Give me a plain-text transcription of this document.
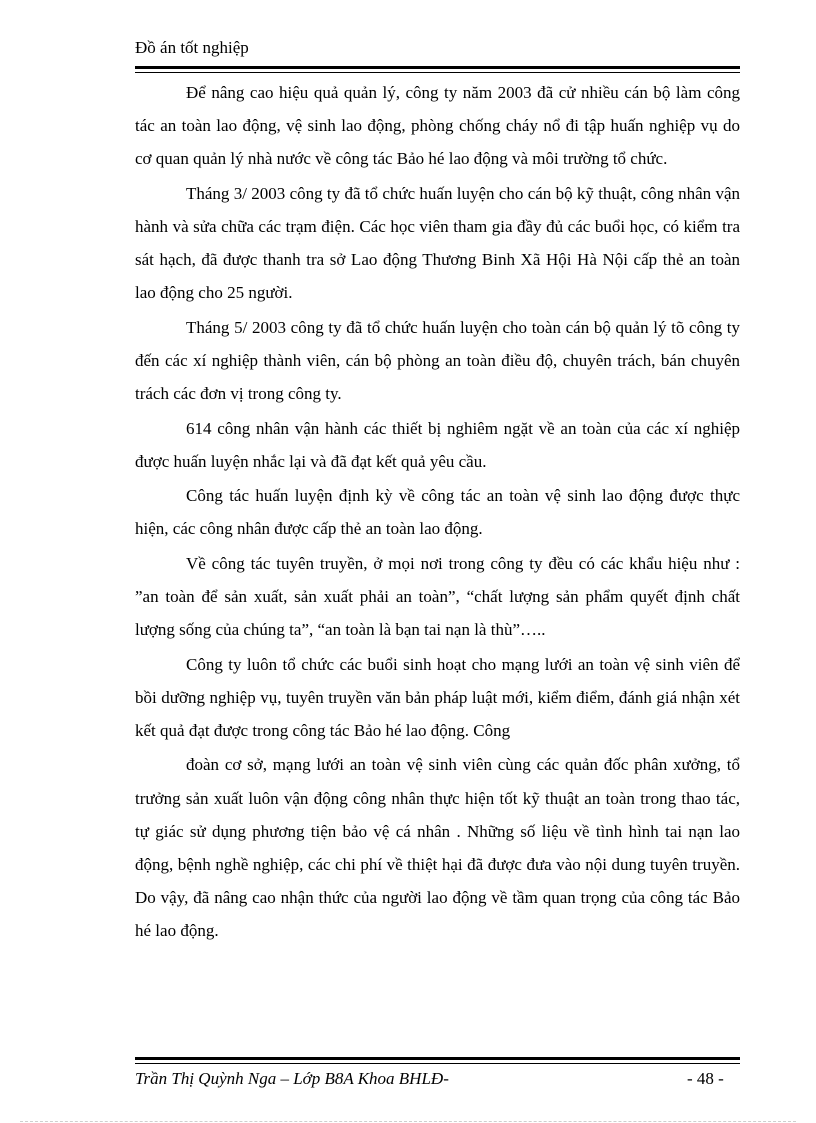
Đồ án tốt nghiệp

Để nâng cao hiệu quả quản lý, công ty năm 2003 đã cử nhiều cán bộ làm công tác an toàn lao động, vệ sinh lao động, phòng chống cháy nổ đi tập huấn nghiệp vụ do cơ quan quản lý nhà nước về công tác Bảo hé lao động và môi trường tổ chức.

Tháng 3/ 2003 công ty đã tổ chức huấn luyện cho cán bộ kỹ thuật, công nhân vận hành và sửa chữa các trạm điện. Các học viên tham gia đầy đủ các buổi học, có kiểm tra sát hạch, đã được thanh tra sở Lao động Thương Binh Xã Hội Hà Nội cấp thẻ an toàn lao động cho 25 người.

Tháng 5/ 2003 công ty đã tổ chức huấn luyện cho toàn cán bộ quản lý tõ công ty đến các xí nghiệp thành viên, cán bộ phòng an toàn điều độ, chuyên trách, bán chuyên trách các đơn vị trong công ty.

614 công nhân vận hành các thiết bị nghiêm ngặt về an toàn của các xí nghiệp được huấn luyện nhắc lại và đã đạt kết quả yêu cầu.

Công tác huấn luyện định kỳ về công tác an toàn vệ sinh lao động được thực hiện, các công nhân được cấp thẻ an toàn lao động.

Về công tác tuyên truyền, ở mọi nơi trong công ty đều có các khẩu hiệu như : ”an toàn để sản xuất, sản xuất phải an toàn”, “chất lượng sản phẩm quyết định chất lượng sống của chúng ta”, “an toàn là bạn tai nạn là thù”…..

Công ty luôn tổ chức các buổi sinh hoạt cho mạng lưới an toàn vệ sinh viên để bồi dưỡng nghiệp vụ, tuyên truyền văn bản pháp luật mới, kiểm điểm, đánh giá nhận xét kết quả đạt được trong công tác Bảo hé lao động. Công

đoàn cơ sở, mạng lưới an toàn vệ sinh viên cùng các quản đốc phân xưởng, tổ trưởng sản xuất luôn vận động công nhân thực hiện tốt kỹ thuật an toàn trong thao tác, tự giác sử dụng phương tiện bảo vệ cá nhân . Những số liệu về tình hình tai nạn lao động, bệnh nghề nghiệp, các chi phí về thiệt hại đã được đưa vào nội dung tuyên truyền. Do vậy, đã nâng cao nhận thức của người lao động về tầm quan trọng của công tác Bảo hé lao động.

Trần Thị Quỳnh Nga – Lớp B8A Khoa BHLĐ-	- 48 -
